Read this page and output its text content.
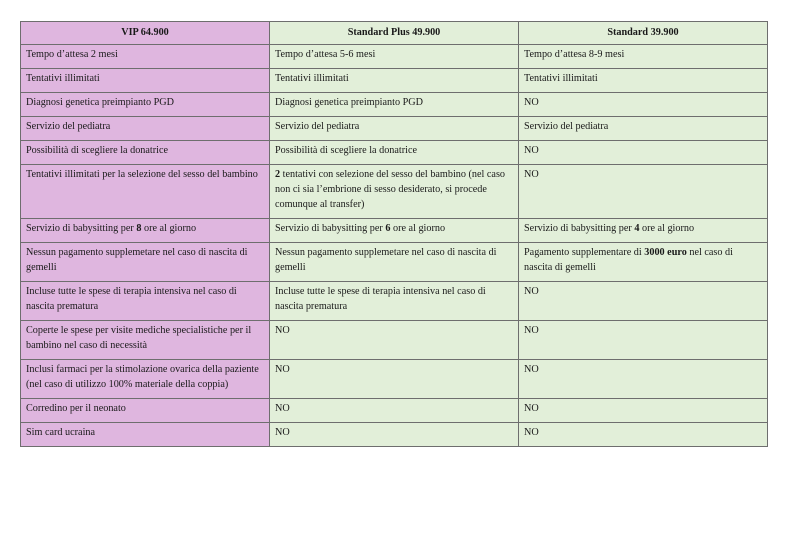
VIP 64.900	Standard Plus 49.900	Standard 39.900
Tempo d’attesa 2 mesi	Tempo d’attesa 5-6 mesi	Tempo d’attesa 8-9 mesi
Tentativi illimitati	Tentativi illimitati	Tentativi illimitati
Diagnosi genetica preimpianto PGD	Diagnosi genetica preimpianto PGD	NO
Servizio del pediatra	Servizio del pediatra	Servizio del pediatra
Possibilità di scegliere la donatrice	Possibilità di scegliere la donatrice	NO
Tentativi illimitati per la selezione del sesso del bambino	2 tentativi con selezione del sesso del bambino (nel caso non ci sia l’embrione di sesso desiderato, si procede comunque al transfer)	NO
Servizio di babysitting per 8 ore al giorno	Servizio di babysitting per 6 ore al giorno	Servizio di babysitting per 4 ore al giorno
Nessun pagamento supplemetare nel caso di nascita di gemelli	Nessun pagamento supplemetare nel caso di nascita di gemelli	Pagamento supplementare di 3000 euro nel caso di nascita di gemelli
Incluse tutte le spese di terapia intensiva nel caso di nascita prematura	Incluse tutte le spese di terapia intensiva nel caso di nascita prematura	NO
Coperte le spese per visite mediche specialistiche per il bambino nel caso di necessità	NO	NO
Inclusi farmaci per la stimolazione ovarica della paziente (nel caso di utilizzo 100% materiale della coppia)	NO	NO
Corredino per il neonato	NO	NO
Sim card ucraina	NO	NO
